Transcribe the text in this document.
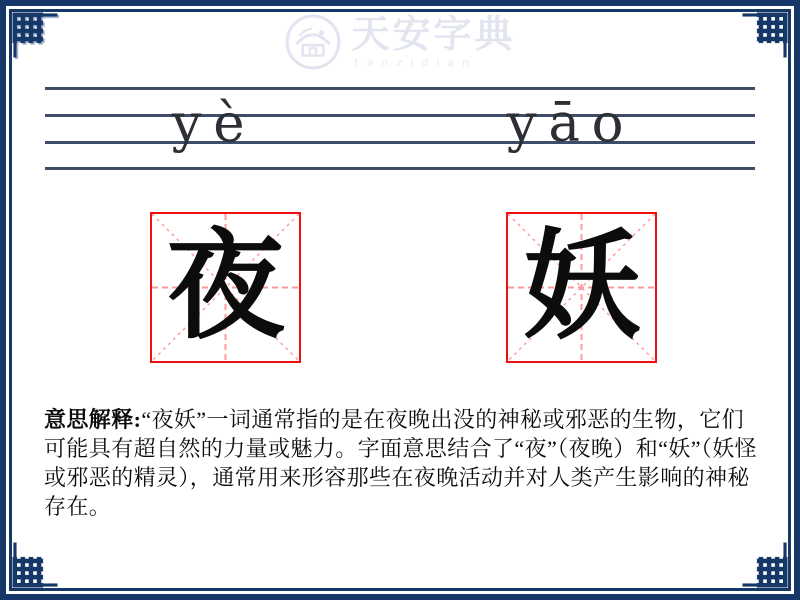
天安字典
tanzidian
yè	yāo
夜 妖

意思解释:“夜妖”一词通常指的是在夜晚出没的神秘或邪恶的生物，它们可能具有超自然的力量或魅力。字面意思结合了“夜”（夜晚）和“妖”（妖怪或邪恶的精灵），通常用来形容那些在夜晚活动并对人类产生影响的神秘存在。
